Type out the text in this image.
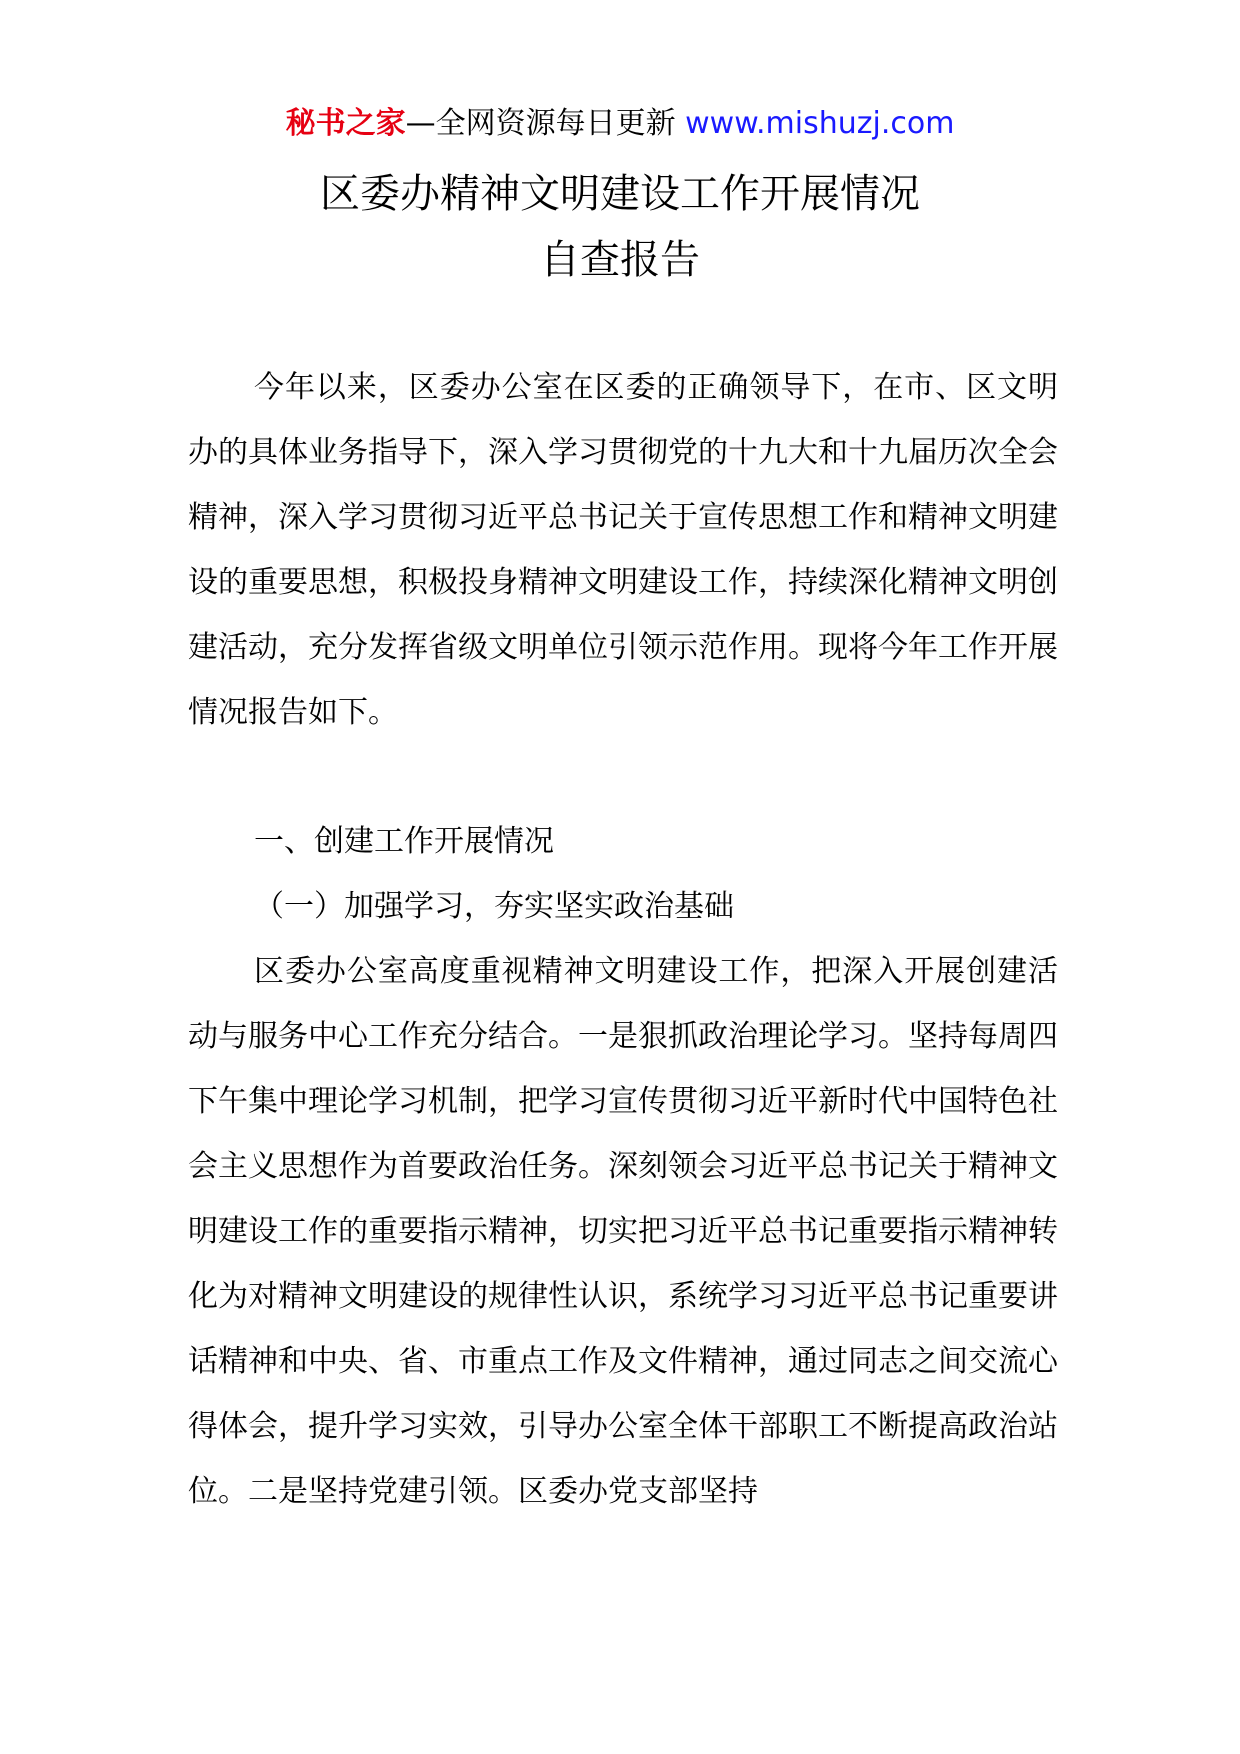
秘书之家—全网资源每日更新 www.mishuzj.com
区委办精神文明建设工作开展情况
自查报告

今年以来，区委办公室在区委的正确领导下，在市、区文明办的具体业务指导下，深入学习贯彻党的十九大和十九届历次全会精神，深入学习贯彻习近平总书记关于宣传思想工作和精神文明建设的重要思想，积极投身精神文明建设工作，持续深化精神文明创建活动，充分发挥省级文明单位引领示范作用。现将今年工作开展情况报告如下。

一、创建工作开展情况

（一）加强学习，夯实坚实政治基础

区委办公室高度重视精神文明建设工作，把深入开展创建活动与服务中心工作充分结合。一是狠抓政治理论学习。坚持每周四下午集中理论学习机制，把学习宣传贯彻习近平新时代中国特色社会主义思想作为首要政治任务。深刻领会习近平总书记关于精神文明建设工作的重要指示精神，切实把习近平总书记重要指示精神转化为对精神文明建设的规律性认识，系统学习习近平总书记重要讲话精神和中央、省、市重点工作及文件精神，通过同志之间交流心得体会，提升学习实效，引导办公室全体干部职工不断提高政治站位。二是坚持党建引领。区委办党支部坚持
